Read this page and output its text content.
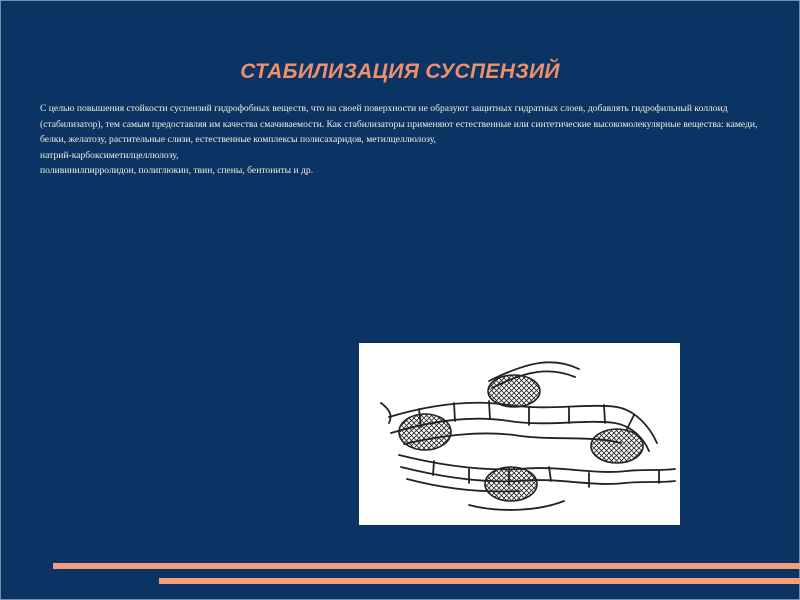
СТАБИЛИЗАЦИЯ СУСПЕНЗИЙ

С целью повышения стойкости суспензий гидрофобных веществ, что на своей поверхности не образуют защитных гидратных слоев, добавлять гидрофильный коллоид (стабилизатор), тем самым предоставляя им качества смачиваемости. Как стабилизаторы применяют естественные или синтетические высокомолекулярные вещества: камеди, белки, желатозу, растительные слизи, естественные комплексы полисахаридов, метилцеллюлозу,

натрий-карбоксиметилцеллюлозу,

поливинилпирролидон, полиглюкин, твин, спены, бентониты и др.
